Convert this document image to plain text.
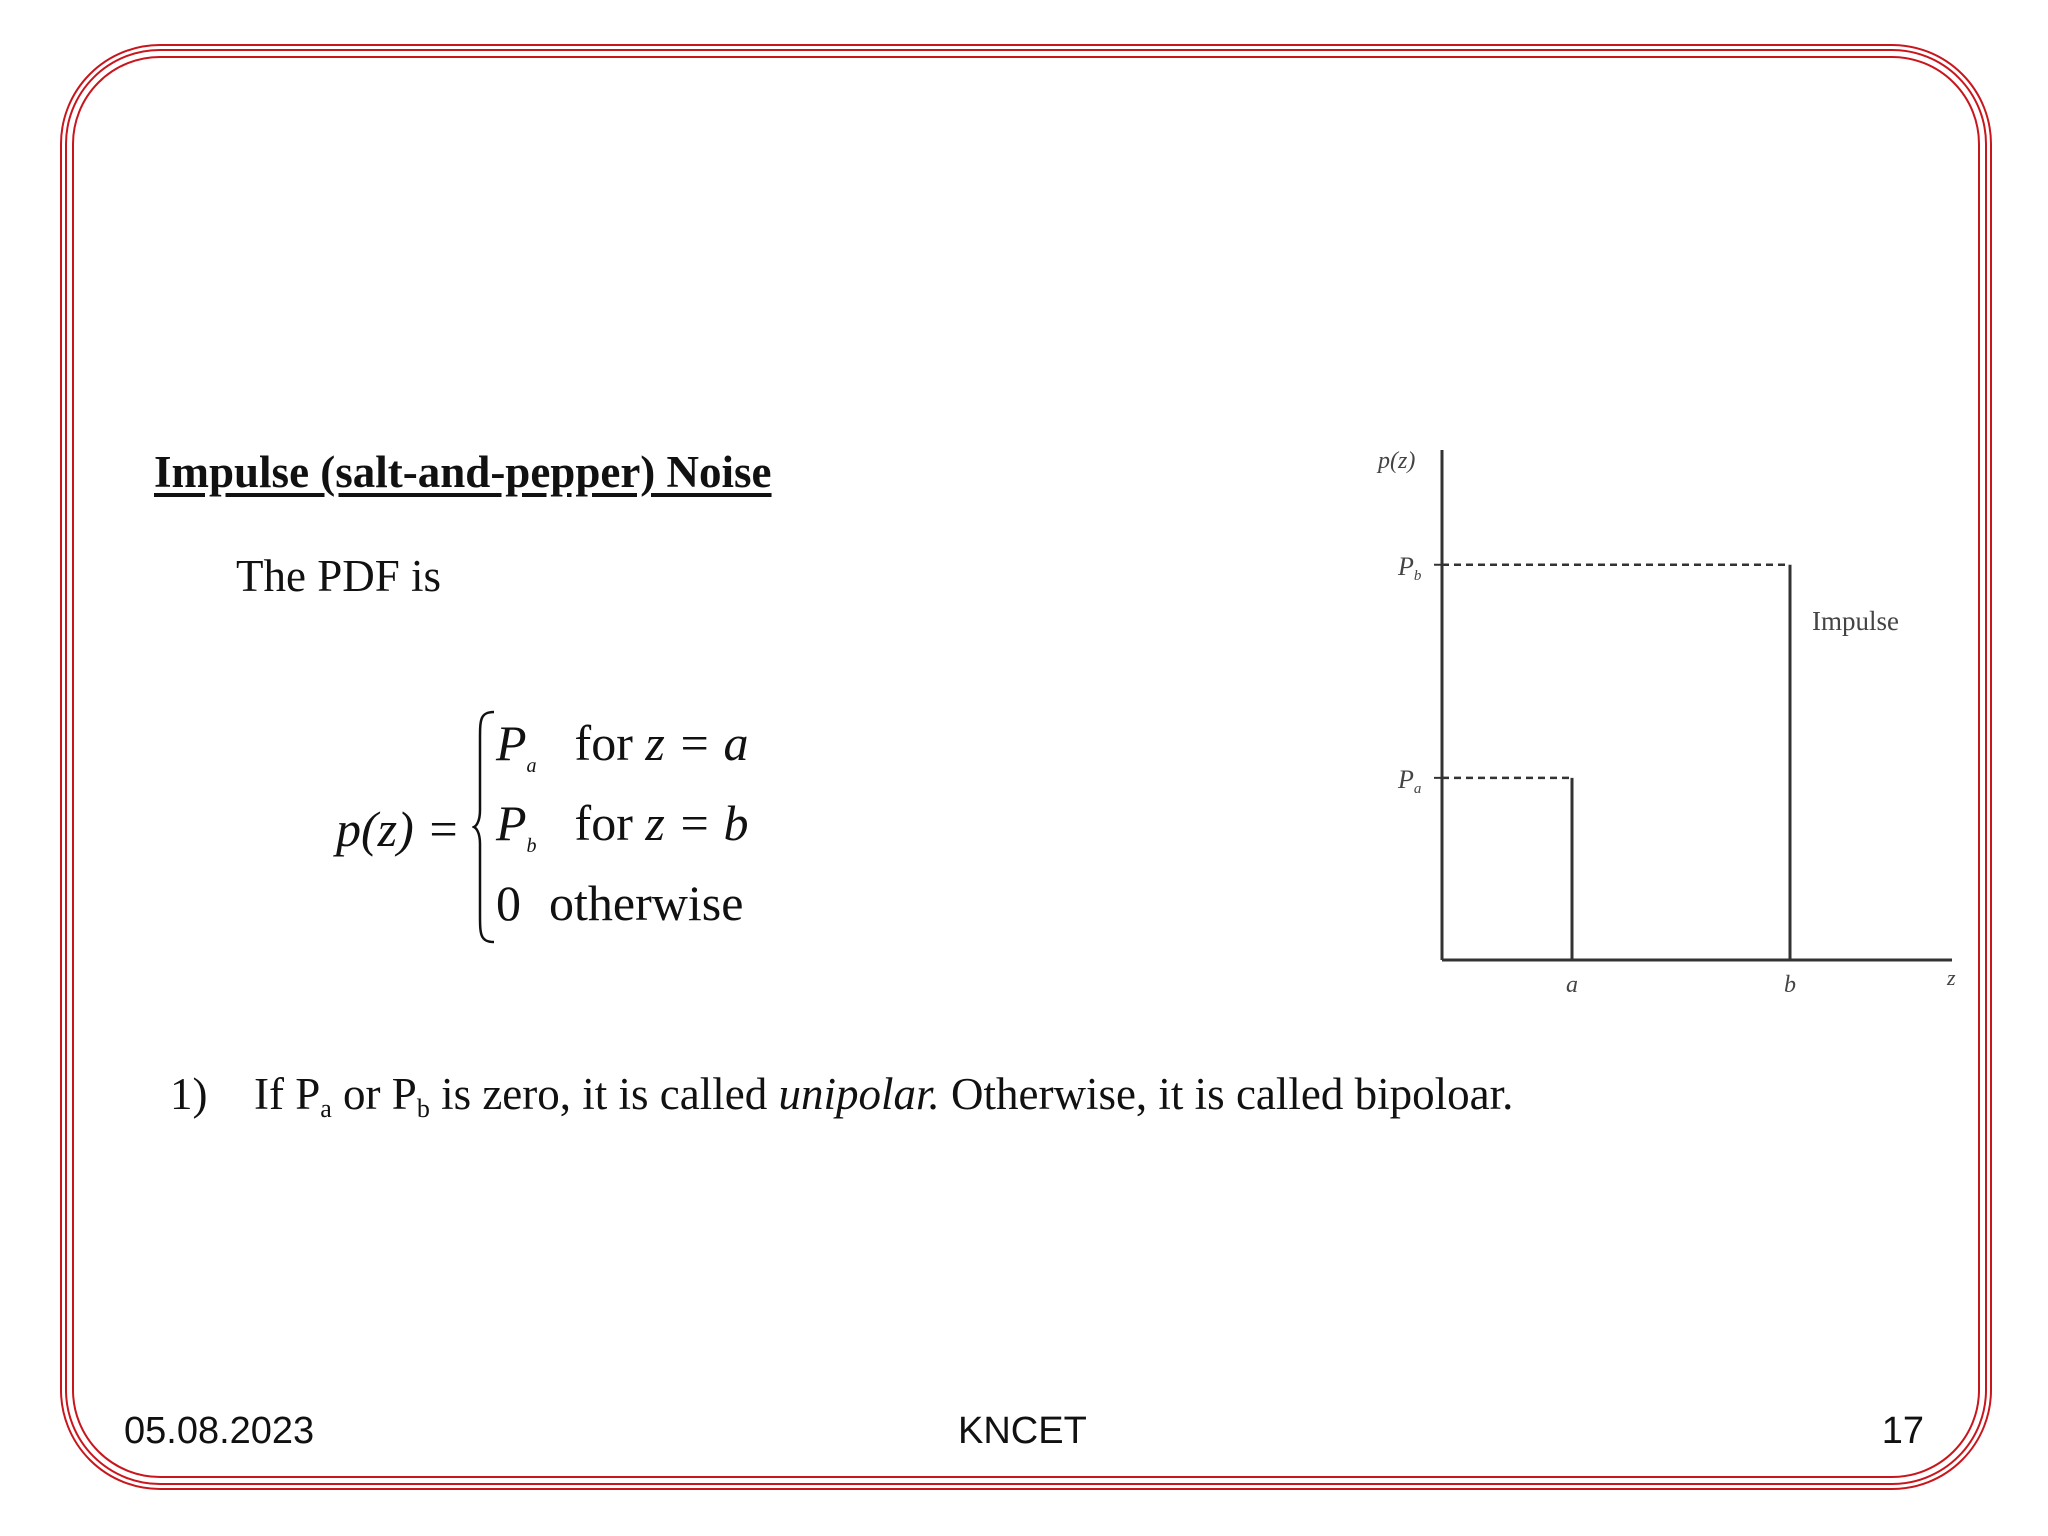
Impulse (salt-and-pepper) Noise
The PDF is
p(z) =
$P_a$ for z = a
$P_b$ for z = b
0 otherwise
p(z)
z
Pa
a
Pb
b
Impulse
1) If $P_a$ or $P_b$ is zero, it is called unipolar. Otherwise, it is called bipoloar.
05.08.2023	KNCET	17
